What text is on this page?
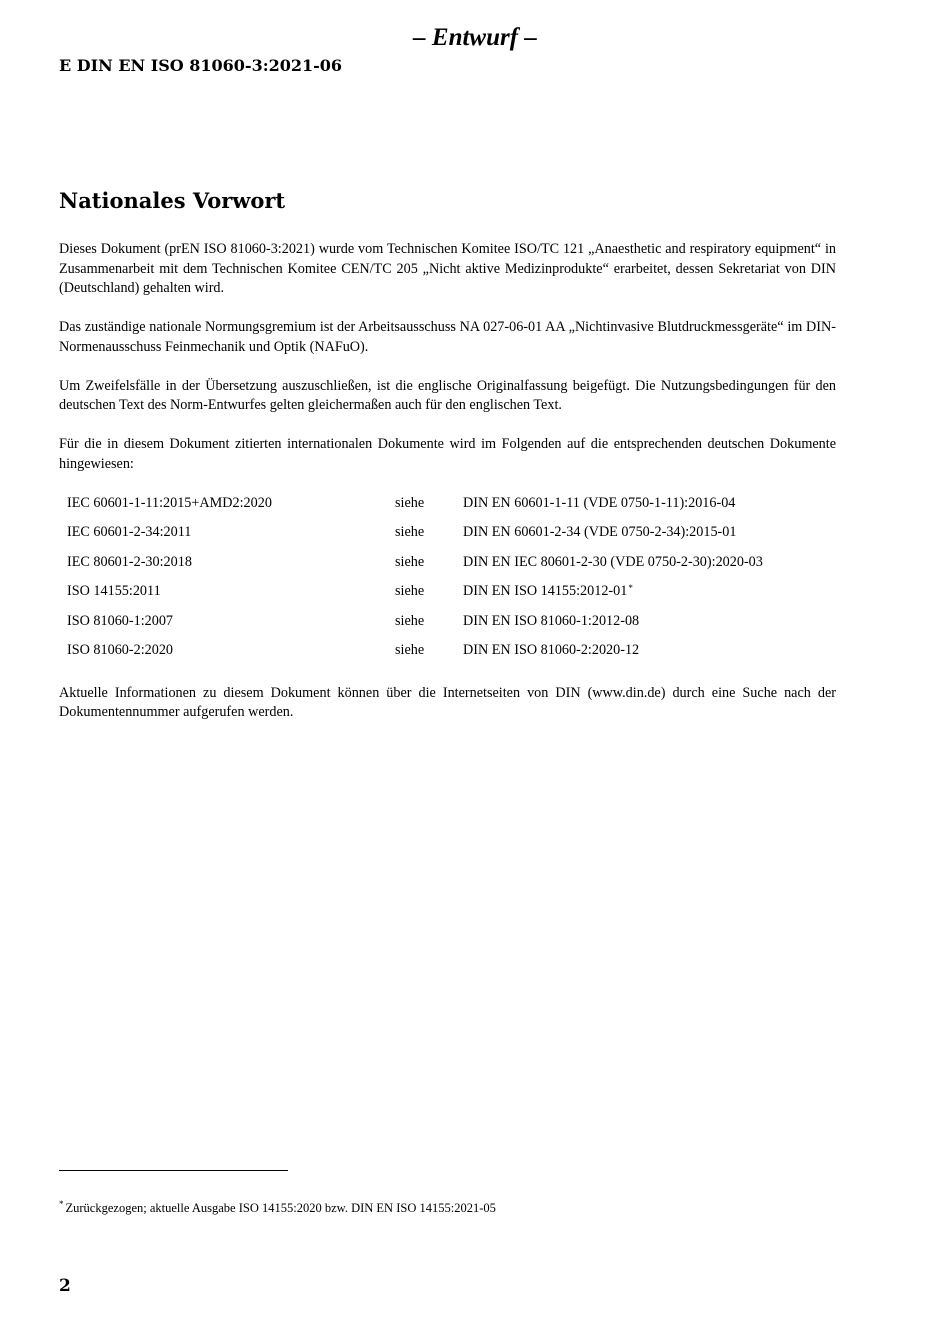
– Entwurf –
E DIN EN ISO 81060-3:2021-06
Nationales Vorwort

Dieses Dokument (prEN ISO 81060-3:2021) wurde vom Technischen Komitee ISO/TC 121 „Anaesthetic and respiratory equipment“ in Zusammenarbeit mit dem Technischen Komitee CEN/TC 205 „Nicht aktive Medizinprodukte“ erarbeitet, dessen Sekretariat von DIN (Deutschland) gehalten wird.

Das zuständige nationale Normungsgremium ist der Arbeitsausschuss NA 027-06-01 AA „Nichtinvasive Blutdruckmessgeräte“ im DIN-Normenausschuss Feinmechanik und Optik (NAFuO).

Um Zweifelsfälle in der Übersetzung auszuschließen, ist die englische Originalfassung beigefügt. Die Nutzungsbedingungen für den deutschen Text des Norm-Entwurfes gelten gleichermaßen auch für den englischen Text.

Für die in diesem Dokument zitierten internationalen Dokumente wird im Folgenden auf die entsprechenden deutschen Dokumente hingewiesen:

IEC 60601-1-11:2015+AMD2:2020	siehe	DIN EN 60601-1-11 (VDE 0750-1-11):2016-04
IEC 60601-2-34:2011	siehe	DIN EN 60601-2-34 (VDE 0750-2-34):2015-01
IEC 80601-2-30:2018	siehe	DIN EN IEC 80601-2-30 (VDE 0750-2-30):2020-03
ISO 14155:2011	siehe	DIN EN ISO 14155:2012-01*
ISO 81060-1:2007	siehe	DIN EN ISO 81060-1:2012-08
ISO 81060-2:2020	siehe	DIN EN ISO 81060-2:2020-12

Aktuelle Informationen zu diesem Dokument können über die Internetseiten von DIN (www.din.de) durch eine Suche nach der Dokumentennummer aufgerufen werden.

* Zurückgezogen; aktuelle Ausgabe ISO 14155:2020 bzw. DIN EN ISO 14155:2021-05
2
